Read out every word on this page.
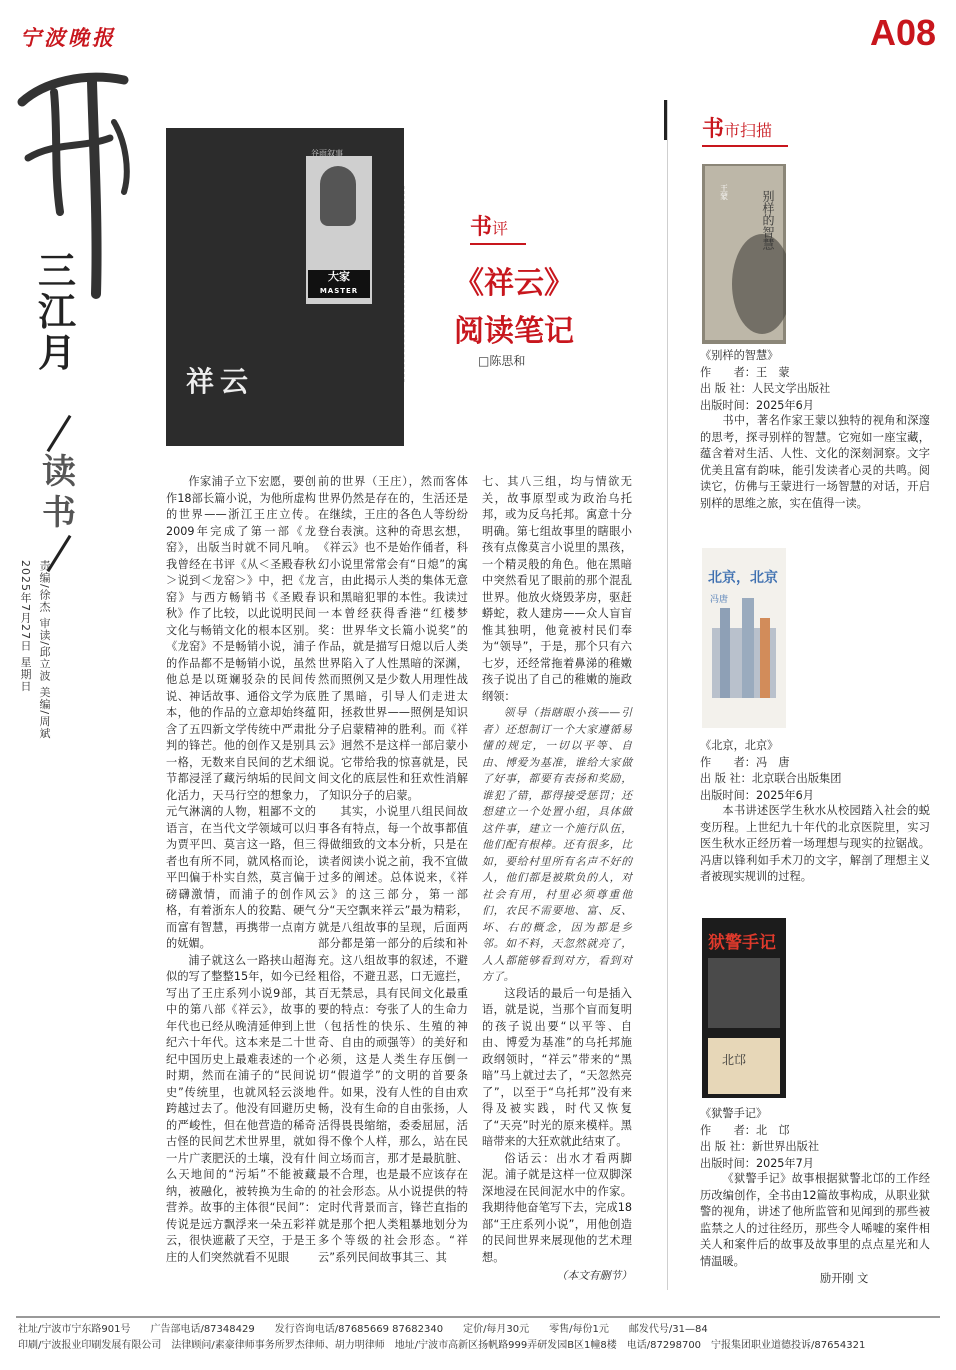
宁波晚报	A08
三江月
读书
2025年7月27日 星期日 责编/徐杰 审读/邱立波 美编/周斌
谷雨叙事
大家
MASTER
祥云
书评
《祥云》
阅读笔记
□陈思和

作家浦子立下宏愿，要创作18部长篇小说，为他所虚构的世界——浙江王庄立传。2009年完成了第一部《龙窑》，出版当时就不同凡响。我曾经在书评《从＜圣殿春秋＞说到＜龙窑＞》中，把《龙窑》与西方畅销书《圣殿春秋》作了比较，以此说明民间文化与畅销文化的根本区别。《龙窑》不是畅销小说，浦子的作品都不是畅销小说，虽然他总是以斑斓驳杂的民间传说、神话故事、通俗文学为底本，他的作品的立意却始终蕴含了五四新文学传统中严肃批判的锋芒。他的创作又是别具一格，无数来自民间的艺术细节都浸淫了藏污纳垢的民间文化活力，天马行空的想象力，元气淋漓的人物，粗鄙不文的语言，在当代文学领域可以归为贾平凹、莫言这一路，但三者也有所不同，就风格而论，平凹偏于朴实自然，莫言偏于磅礴激情，而浦子的创作风格，有着浙东人的狡黠、硬气而富有智慧，再携带一点南方的妩媚。

浦子就这么一路挟山超海似的写了整整15年，如今已经写出了王庄系列小说9部，其中的第八部《祥云》，故事的年代也已经从晚清延伸到上世纪六十年代。这本来是二十世纪中国历史上最难表述的一个时期，然而在浦子的“民间说史”传统里，也就风轻云淡地跨越过去了。他没有回避历史的严峻性，但在他营造的稀奇古怪的民间艺术世界里，就如一片广袤肥沃的土壤，没有什么天地间的“污垢”不能被藏纳，被融化，被转换为生命的营养。故事的主体很“民间”：传说是远方飘浮来一朵五彩祥云，很快遮蔽了天空，于是王庄的人们突然就看不见眼

前的世界（王庄），然而客体世界仍然是存在的，生活还是在继续，王庄的各色人等纷纷登台表演。这种的奇思玄想，《祥云》也不是始作俑者，科幻小说里常常会有“日熄”的寓言，由此揭示人类的集体无意识和黑暗犯罪的本性。我读过一本曾经获得香港“红楼梦奖：世界华文长篇小说奖”的作品，就是描写日熄以后人类世界陷入了人性黑暗的深渊，然而照例又是少数人用理性战胜了黑暗，引导人们走进太阳，拯救世界——照例是知识分子启蒙精神的胜利。而《祥云》迥然不是这样一部启蒙小说。它带给我的惊喜就是，民间文化的底层性和狂欢性消解了知识分子的启蒙。

其实，小说里八组民间故事各有特点，每一个故事都值得做细致的文本分析，只是在读者阅读小说之前，我不宜做过多的阐述。总体说来，《祥云》的这三部分，第一部分“天空飘来祥云”最为精彩，就是八组故事的呈现，后面两部分都是第一部分的后续和补充。这八组故事的叙述，不避粗俗，不避丑恶，口无遮拦，百无禁忌，具有民间文化最重要的特点：夸张了人的生命力（包括性的快乐、生殖的神奇、自由的顽强等）的美好和必须，这是人类生存压倒一切“假道学”的文明的首要条件。如果，没有人性的自由欢畅，没有生命的自由张扬，人活得畏畏缩缩，委委屈屈，活得不像个人样，那么，站在民间立场而言，那才是最肮脏、最不合理，也是最不应该存在的社会形态。从小说提供的特定时代背景而言，锋芒直指的就是那个把人类粗暴地划分为多个等级的社会形态。“祥云”系列民间故事其三、其

七、其八三组，均与情欲无关，故事原型或为政治乌托邦，或为反乌托邦。寓意十分明确。第七组故事里的瞎眼小孩有点像莫言小说里的黑孩，一个精灵般的角色。他在黑暗中突然看见了眼前的那个混乱世界。他放火烧毁茅房，驱赶蟒蛇，救人建房——众人盲盲惟其独明，他竟被村民们奉为“领导”，于是，那个只有六七岁，还经常拖着鼻涕的稚嫩孩子说出了自己的稚嫩的施政纲领：

领导（指瞎眼小孩——引者）还想制订一个大家遵循易懂的规定，一切以平等、自由、博爱为基准，谁给大家做了好事，都要有表扬和奖励，谁犯了错，都得接受惩罚；还想建立一个处置小组，具体做这件事，建立一个施行队伍，他们配有根棒。还有很多，比如，要给村里所有名声不好的人，他们都是被欺负的人，对社会有用，村里必须尊重他们，农民不需要地、富、反、坏、右的概念，因为都是乡邻。如不料，天忽然就亮了，人人都能够看到对方，看到对方了。

这段话的最后一句是插入语，就是说，当那个盲而复明的孩子说出要“以平等、自由、博爱为基准”的乌托邦施政纲领时，“祥云”带来的“黑暗”马上就过去了，“天忽然亮了”，以至于“乌托邦”没有来得及被实践，时代又恢复了“天亮”时光的原来模样。黑暗带来的大狂欢就此结束了。

俗话云：出水才看两脚泥。浦子就是这样一位双脚深深地浸在民间泥水中的作家。我期待他奋笔写下去，完成18部“王庄系列小说”，用他创造的民间世界来展现他的艺术理想。

（本文有删节）
书市扫描
别样的智慧
王蒙
《别样的智慧》
作　　者：王　蒙
出 版 社：人民文学出版社
出版时间：2025年6月

书中，著名作家王蒙以独特的视角和深邃的思考，探寻别样的智慧。它宛如一座宝藏，蕴含着对生活、人性、文化的深刻洞察。文字优美且富有韵味，能引发读者心灵的共鸣。阅读它，仿佛与王蒙进行一场智慧的对话，开启别样的思维之旅，实在值得一读。

北京，北京
冯唐
《北京，北京》
作　　者：冯　唐
出 版 社：北京联合出版集团
出版时间：2025年6月

本书讲述医学生秋水从校园踏入社会的蜕变历程。上世纪九十年代的北京医院里，实习医生秋水正经历着一场理想与现实的拉锯战。冯唐以锋利如手术刀的文字，解剖了理想主义者被现实规训的过程。

狱警手记
北邙
《狱警手记》
作　　者：北　邙
出 版 社：新世界出版社
出版时间：2025年7月

《狱警手记》故事根据狱警北邙的工作经历改编创作，全书由12篇故事构成，从职业狱警的视角，讲述了他所监管和见闻到的那些被监禁之人的过往经历，那些令人唏嘘的案件相关人和案件后的故事及故事里的点点星光和人情温暖。

励开刚 文
社址/宁波市宁东路901号　　广告部电话/87348429　　发行咨询电话/87685669 87682340　　定价/每月30元　　零售/每份1元　　邮发代号/31—84
印刷/宁波报业印刷发展有限公司　法律顾问/素豪律师事务所罗杰律师、胡力明律师　地址/宁波市高新区扬帆路999弄研发园B区1幢8楼　电话/87298700　宁报集团职业道德投诉/87654321
